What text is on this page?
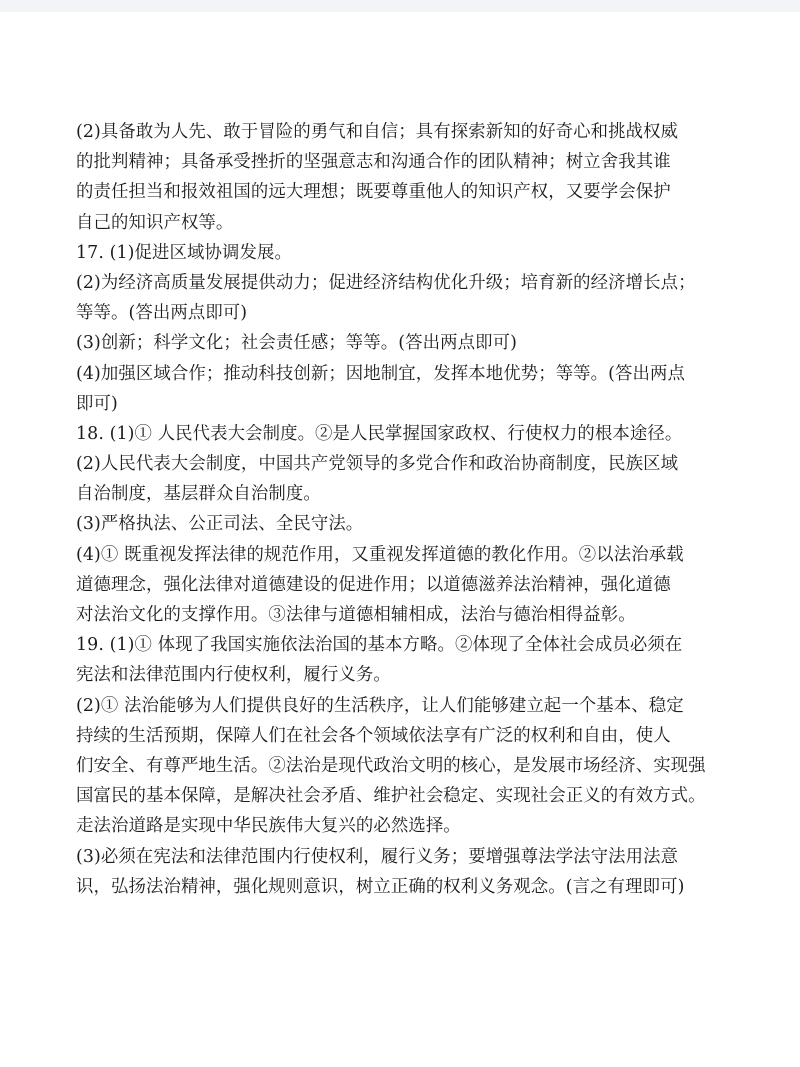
(2)具备敢为人先、敢于冒险的勇气和自信；具有探索新知的好奇心和挑战权威
的批判精神；具备承受挫折的坚强意志和沟通合作的团队精神；树立舍我其谁
的责任担当和报效祖国的远大理想；既要尊重他人的知识产权，又要学会保护
自己的知识产权等。
17. (1)促进区域协调发展。
(2)为经济高质量发展提供动力；促进经济结构优化升级；培育新的经济增长点；
等等。(答出两点即可)
(3)创新；科学文化；社会责任感；等等。(答出两点即可)
(4)加强区域合作；推动科技创新；因地制宜，发挥本地优势；等等。(答出两点
即可)
18. (1)① 人民代表大会制度。②是人民掌握国家政权、行使权力的根本途径。
(2)人民代表大会制度，中国共产党领导的多党合作和政治协商制度，民族区域
自治制度，基层群众自治制度。
(3)严格执法、公正司法、全民守法。
(4)① 既重视发挥法律的规范作用，又重视发挥道德的教化作用。②以法治承载
道德理念，强化法律对道德建设的促进作用；以道德滋养法治精神，强化道德
对法治文化的支撑作用。③法律与道德相辅相成，法治与德治相得益彰。
19. (1)① 体现了我国实施依法治国的基本方略。②体现了全体社会成员必须在
宪法和法律范围内行使权利，履行义务。
(2)① 法治能够为人们提供良好的生活秩序，让人们能够建立起一个基本、稳定
持续的生活预期，保障人们在社会各个领域依法享有广泛的权利和自由，使人
们安全、有尊严地生活。②法治是现代政治文明的核心，是发展市场经济、实现强
国富民的基本保障，是解决社会矛盾、维护社会稳定、实现社会正义的有效方式。
走法治道路是实现中华民族伟大复兴的必然选择。
(3)必须在宪法和法律范围内行使权利，履行义务；要增强尊法学法守法用法意
识，弘扬法治精神，强化规则意识，树立正确的权利义务观念。(言之有理即可)
